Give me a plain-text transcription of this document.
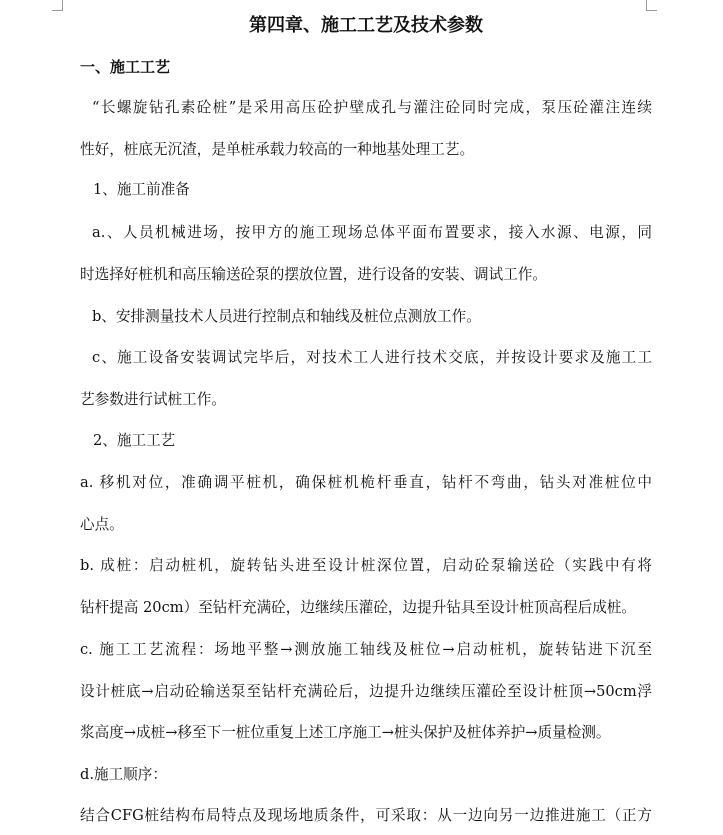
第四章、施工工艺及技术参数
一、施工工艺
“长螺旋钻孔素砼桩”是采用高压砼护壁成孔与灌注砼同时完成，泵压砼灌注连续
性好，桩底无沉渣，是单桩承载力较高的一种地基处理工艺。
1、施工前准备
a.、人员机械进场，按甲方的施工现场总体平面布置要求，接入水源、电源，同
时选择好桩机和高压输送砼泵的摆放位置，进行设备的安装、调试工作。
b、安排测量技术人员进行控制点和轴线及桩位点测放工作。
c、施工设备安装调试完毕后，对技术工人进行技术交底，并按设计要求及施工工
艺参数进行试桩工作。
2、施工工艺
a. 移机对位，准确调平桩机，确保桩机桅杆垂直，钻杆不弯曲，钻头对准桩位中
心点。
b. 成桩：启动桩机，旋转钻头进至设计桩深位置，启动砼泵输送砼（实践中有将
钻杆提高 20cm）至钻杆充满砼，边继续压灌砼，边提升钻具至设计桩顶高程后成桩。
c. 施工工艺流程：场地平整→测放施工轴线及桩位→启动桩机，旋转钻进下沉至
设计桩底→启动砼输送泵至钻杆充满砼后，边提升边继续压灌砼至设计桩顶→50cm浮
浆高度→成桩→移至下一桩位重复上述工序施工→桩头保护及桩体养护→质量检测。
d.施工顺序：
结合CFG桩结构布局特点及现场地质条件，可采取：从一边向另一边推进施工（正方
